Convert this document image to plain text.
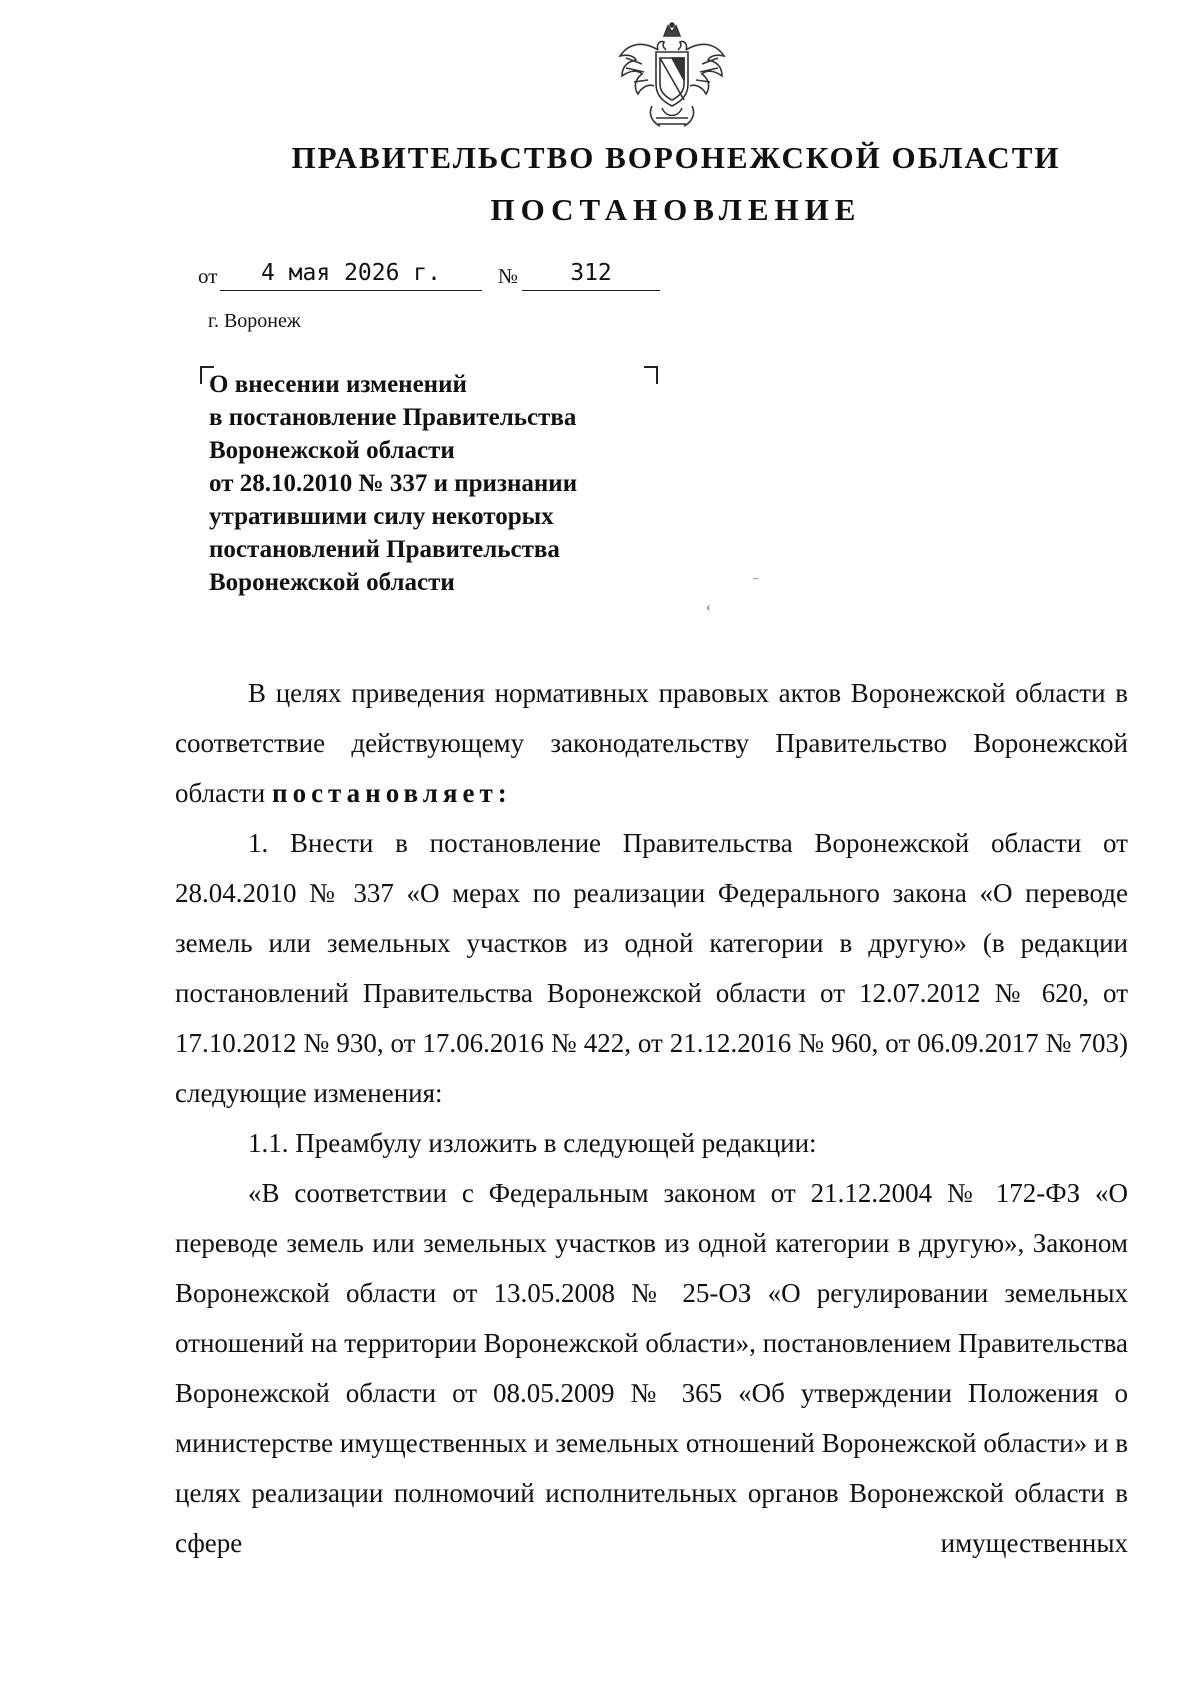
ПРАВИТЕЛЬСТВО ВОРОНЕЖСКОЙ ОБЛАСТИ
ПОСТАНОВЛЕНИЕ
от	4 мая 2026 г.	№	312
г. Воронеж
О внесении изменений
в постановление Правительства
Воронежской области
от 28.10.2010 № 337 и признании
утратившими силу некоторых
постановлений Правительства
Воронежской области	⁻
‹
В целях приведения нормативных правовых актов Воронежской области в соответствие действующему законодательству Правительство Воронежской области постановляет:
1. Внести в постановление Правительства Воронежской области от 28.04.2010 № 337 «О мерах по реализации Федерального закона «О переводе земель или земельных участков из одной категории в другую» (в редакции постановлений Правительства Воронежской области от 12.07.2012 № 620, от 17.10.2012 № 930, от 17.06.2016 № 422, от 21.12.2016 № 960, от 06.09.2017 № 703) следующие изменения:
1.1. Преамбулу изложить в следующей редакции:
«В соответствии с Федеральным законом от 21.12.2004 № 172-ФЗ «О переводе земель или земельных участков из одной категории в другую», Законом Воронежской области от 13.05.2008 № 25-ОЗ «О регулировании земельных отношений на территории Воронежской области», постановлением Правительства Воронежской области от 08.05.2009 № 365 «Об утверждении Положения о министерстве имущественных и земельных отношений Воронежской области» и в целях реализации полномочий исполнительных органов Воронежской области в сфере имущественных
